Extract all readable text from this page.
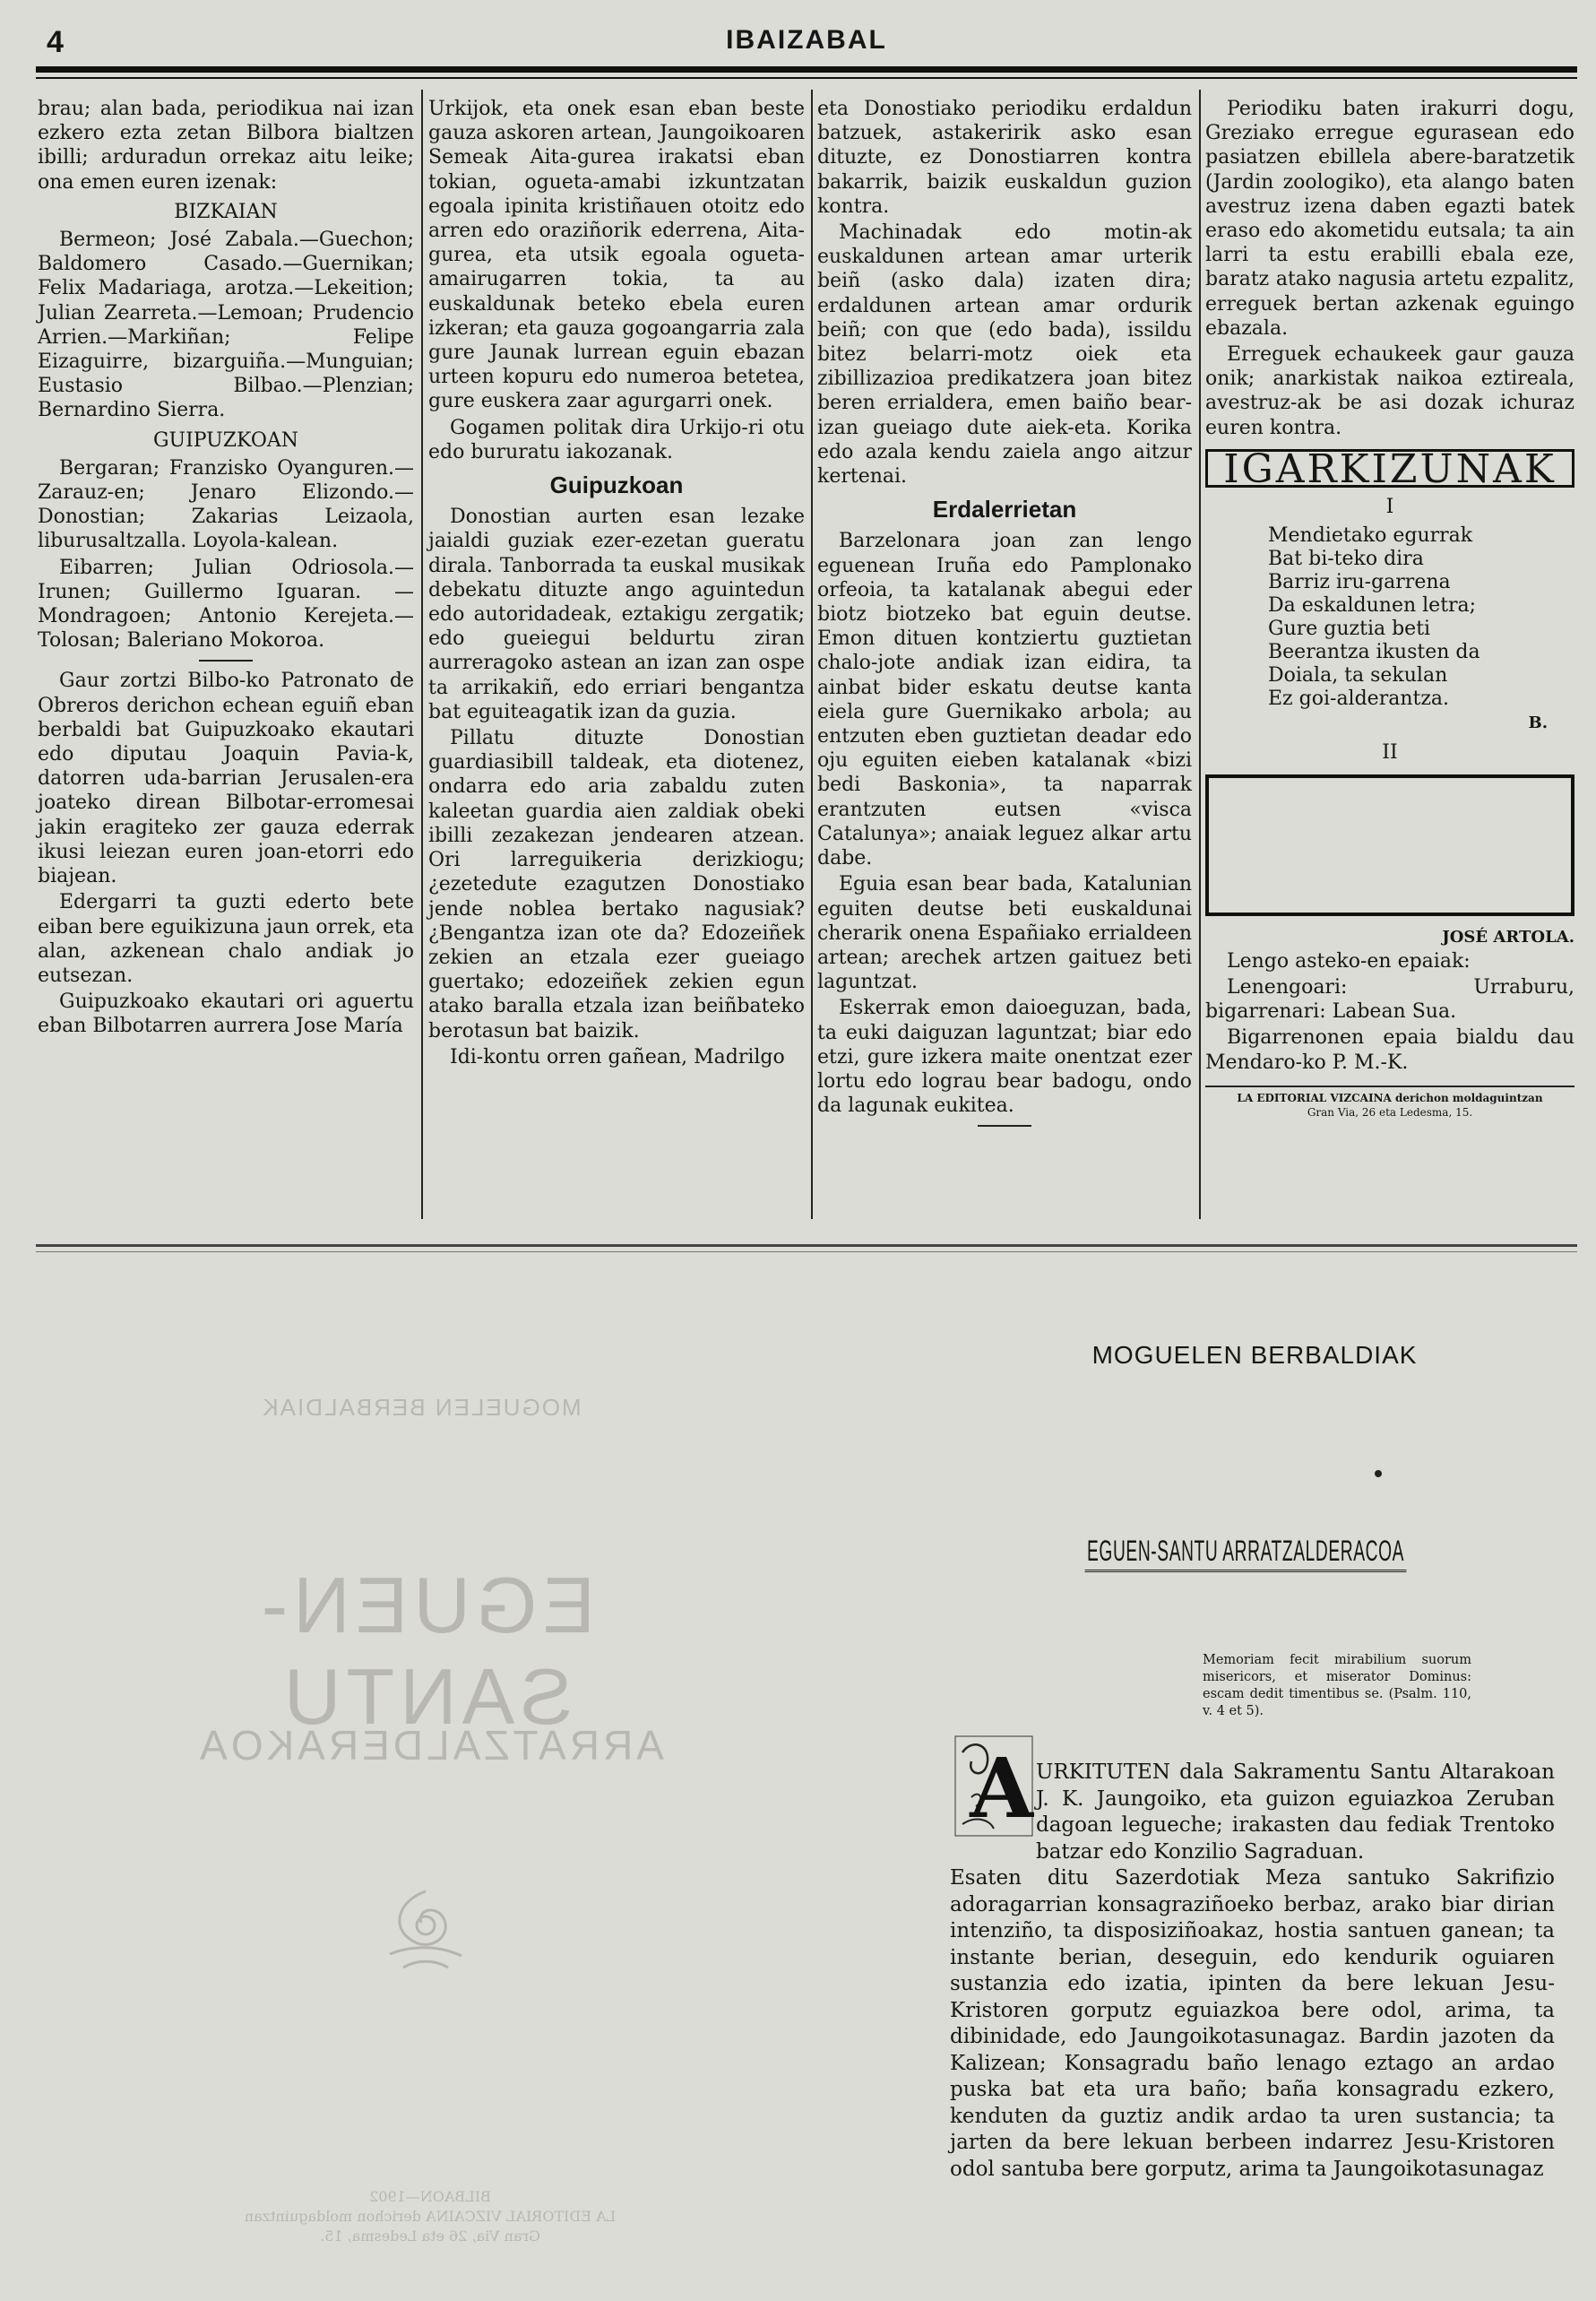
4	IBAIZABAL

brau; alan bada, periodikua nai izan ezkero ezta zetan Bilbora bialtzen ibilli; arduradun orrekaz aitu leike; ona emen euren izenak:

BIZKAIAN

Bermeon; José Zabala.—Guechon; Baldomero Casado.—Guernikan; Felix Madariaga, arotza.—Lekeition; Julian Zearreta.—Lemoan; Prudencio Arrien.—Markiñan; Felipe Eizaguirre, bizarguiña.—Munguian; Eustasio Bilbao.—Plenzian; Bernardino Sierra.

GUIPUZKOAN

Bergaran; Franzisko Oyanguren.—Zarauz-en; Jenaro Elizondo.—Donostian; Zakarias Leizaola, liburusaltzalla. Loyola-kalean.

Eibarren; Julian Odriosola.—Irunen; Guillermo Iguaran. — Mondragoen; Antonio Kerejeta.— Tolosan; Baleriano Mokoroa.

Gaur zortzi Bilbo-ko Patronato de Obreros derichon echean eguiñ eban berbaldi bat Guipuzkoako ekautari edo diputau Joaquin Pavia-k, datorren uda-barrian Jerusalen-era joateko direan Bilbotar-erromesai jakin eragiteko zer gauza ederrak ikusi leiezan euren joan-etorri edo biajean.

Edergarri ta guzti ederto bete eiban bere eguikizuna jaun orrek, eta alan, azkenean chalo andiak jo eutsezan.

Guipuzkoako ekautari ori aguertu eban Bilbotarren aurrera Jose María

Urkijok, eta onek esan eban beste gauza askoren artean, Jaungoikoaren Semeak Aita-gurea irakatsi eban tokian, ogueta-amabi izkuntzatan egoala ipinita kristiñauen otoitz edo arren edo oraziñorik ederrena, Aita-gurea, eta utsik egoala ogueta-amairugarren tokia, ta au euskaldunak beteko ebela euren izkeran; eta gauza gogoangarria zala gure Jaunak lurrean eguin ebazan urteen kopuru edo numeroa betetea, gure euskera zaar agurgarri onek.

Gogamen politak dira Urkijo-ri otu edo bururatu iakozanak.

Guipuzkoan

Donostian aurten esan lezake jaialdi guziak ezer-ezetan gueratu dirala. Tanborrada ta euskal musikak debekatu dituzte ango aguintedun edo autoridadeak, eztakigu zergatik; edo gueiegui beldurtu ziran aurreragoko astean an izan zan ospe ta arrikakiñ, edo erriari bengantza bat eguiteagatik izan da guzia.

Pillatu dituzte Donostian guardiasibill taldeak, eta diotenez, ondarra edo aria zabaldu zuten kaleetan guardia aien zaldiak obeki ibilli zezakezan jendearen atzean. Ori larreguikeria derizkiogu; ¿ezetedute ezagutzen Donostiako jende noblea bertako nagusiak? ¿Bengantza izan ote da? Edozeiñek zekien an etzala ezer gueiago guertako; edozeiñek zekien egun atako baralla etzala izan beiñbateko berotasun bat baizik.

Idi-kontu orren gañean, Madrilgo

eta Donostiako periodiku erdaldun batzuek, astakeririk asko esan dituzte, ez Donostiarren kontra bakarrik, baizik euskaldun guzion kontra.

Machinadak edo motin-ak euskaldunen artean amar urterik beiñ (asko dala) izaten dira; erdaldunen artean amar ordurik beiñ; con que (edo bada), issildu bitez belarri-motz oiek eta zibillizazioa predikatzera joan bitez beren errialdera, emen baiño bear-izan gueiago dute aiek-eta. Korika edo azala kendu zaiela ango aitzur kertenai.

Erdalerrietan

Barzelonara joan zan lengo eguenean Iruña edo Pamplonako orfeoia, ta katalanak abegui eder biotz biotzeko bat eguin deutse. Emon dituen kontziertu guztietan chalo-jote andiak izan eidira, ta ainbat bider eskatu deutse kanta eiela gure Guernikako arbola; au entzuten eben guztietan deadar edo oju eguiten eieben katalanak «bizi bedi Baskonia», ta naparrak erantzuten eutsen «visca Catalunya»; anaiak leguez alkar artu dabe.

Eguia esan bear bada, Katalunian eguiten deutse beti euskaldunai cherarik onena Españiako errialdeen artean; arechek artzen gaituez beti laguntzat.

Eskerrak emon daioeguzan, bada, ta euki daiguzan laguntzat; biar edo etzi, gure izkera maite onentzat ezer lortu edo lograu bear badogu, ondo da lagunak eukitea.

Periodiku baten irakurri dogu, Greziako erregue egurasean edo pasiatzen ebillela abere-baratzetik (Jardin zoologiko), eta alango baten avestruz izena daben egazti batek eraso edo akometidu eutsala; ta ain larri ta estu erabilli ebala eze, baratz atako nagusia artetu ezpalitz, erreguek bertan azkenak eguingo ebazala.

Erreguek echaukeek gaur gauza onik; anarkistak naikoa eztireala, avestruz-ak be asi dozak ichuraz euren kontra.

IGARKIZUNAK
I
Mendietako egurrak
Bat bi-teko dira
Barriz iru-garrena
Da eskaldunen letra;
Gure guztia beti
Beerantza ikusten da
Doiala, ta sekulan
Ez goi-alderantza.
B.
II
JOSÉ ARTOLA.

Lengo asteko-en epaiak:

Lenengoari: Urraburu, bigarrenari: Labean Sua.

Bigarrenonen epaia bialdu dau Mendaro-ko P. M.-K.

LA EDITORIAL VIZCAINA derichon moldaguintzan
Gran Via, 26 eta Ledesma, 15.
MOGUELEN BERBALDIAK
EGUEN-SANTU
ARRATZALDERAKOA
BILBAON—1902
LA EDITORIAL VIZCAINA derichon moldaguintzan
Gran Via, 26 eta Ledesma, 15.
MOGUELEN BERBALDIAK
EGUEN-SANTU ARRATZALDERACOA
Memoriam fecit mirabilium suorum misericors, et miserator Dominus: escam dedit timentibus se. (Psalm. 110, v. 4 et 5).
A URKITUTEN dala Sakramentu Santu Altarakoan J. K. Jaungoiko, eta guizon eguiazkoa Zeruban dagoan legueche; irakasten dau fediak Trentoko batzar edo Konzilio Sagraduan.
Esaten ditu Sazerdotiak Meza santuko Sakrifizio adoragarrian konsagraziñoeko berbaz, arako biar dirian intenziño, ta disposiziñoakaz, hostia santuen ganean; ta instante berian, deseguin, edo kendurik oguiaren sustanzia edo izatia, ipinten da bere lekuan Jesu-Kristoren gorputz eguiazkoa bere odol, arima, ta dibinidade, edo Jaungoikotasunagaz. Bardin jazoten da Kalizean; Konsagradu baño lenago eztago an ardao puska bat eta ura baño; baña konsagradu ezkero, kenduten da guztiz andik ardao ta uren sustancia; ta jarten da bere lekuan berbeen indarrez Jesu-Kristoren odol santuba bere gorputz, arima ta Jaungoikotasunagaz
